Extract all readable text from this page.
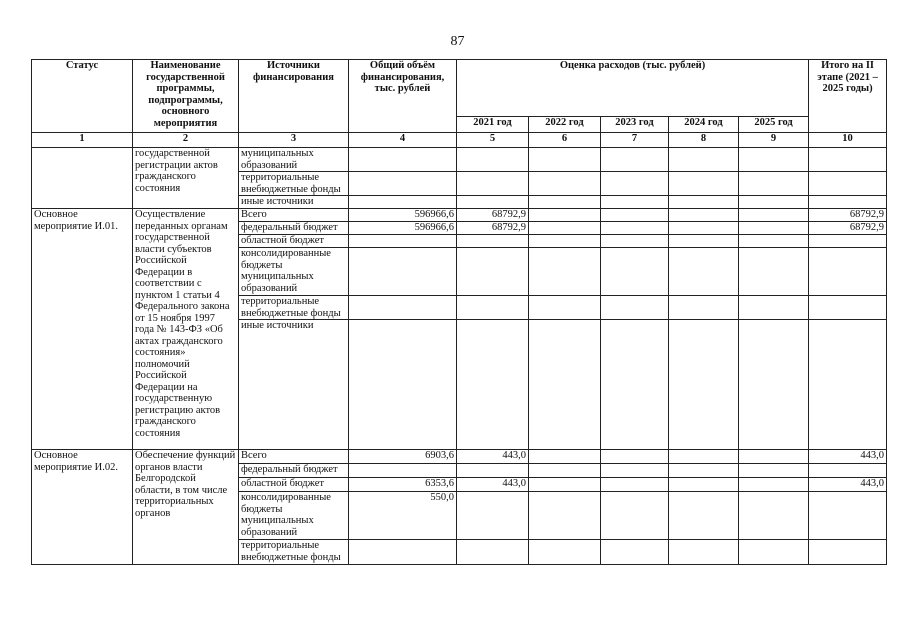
87
Статус	Наименование государственной программы, подпрограммы, основного мероприятия	Источники финансирования	Общий объём финансирования, тыс. рублей	Оценка расходов (тыс. рублей)					Итого на II этапе (2021 – 2025 годы)
				2021 год	2022 год	2023 год	2024 год	2025 год	
1	2	3	4	5	6	7	8	9	10
	государственной регистрации актов гражданского состояния	муниципальных образований							
		территориальные внебюджетные фонды							
		иные источники							
Основное мероприятие И.01.	Осуществление переданных органам государственной власти субъектов Российской Федерации в соответствии с пунктом 1 статьи 4 Федерального закона от 15 ноября 1997 года № 143-ФЗ «Об актах гражданского состояния» полномочий Российской Федерации на государственную регистрацию актов гражданского состояния	Всего	596966,6	68792,9					68792,9
		федеральный бюджет	596966,6	68792,9					68792,9
		областной бюджет							
		консолидированные бюджеты муниципальных образований							
		территориальные внебюджетные фонды							
		иные источники							
Основное мероприятие И.02.	Обеспечение функций органов власти Белгородской области, в том числе территориальных органов	Всего	6903,6	443,0					443,0
		федеральный бюджет							
		областной бюджет	6353,6	443,0					443,0
		консолидированные бюджеты муниципальных образований	550,0						
		территориальные внебюджетные фонды							
